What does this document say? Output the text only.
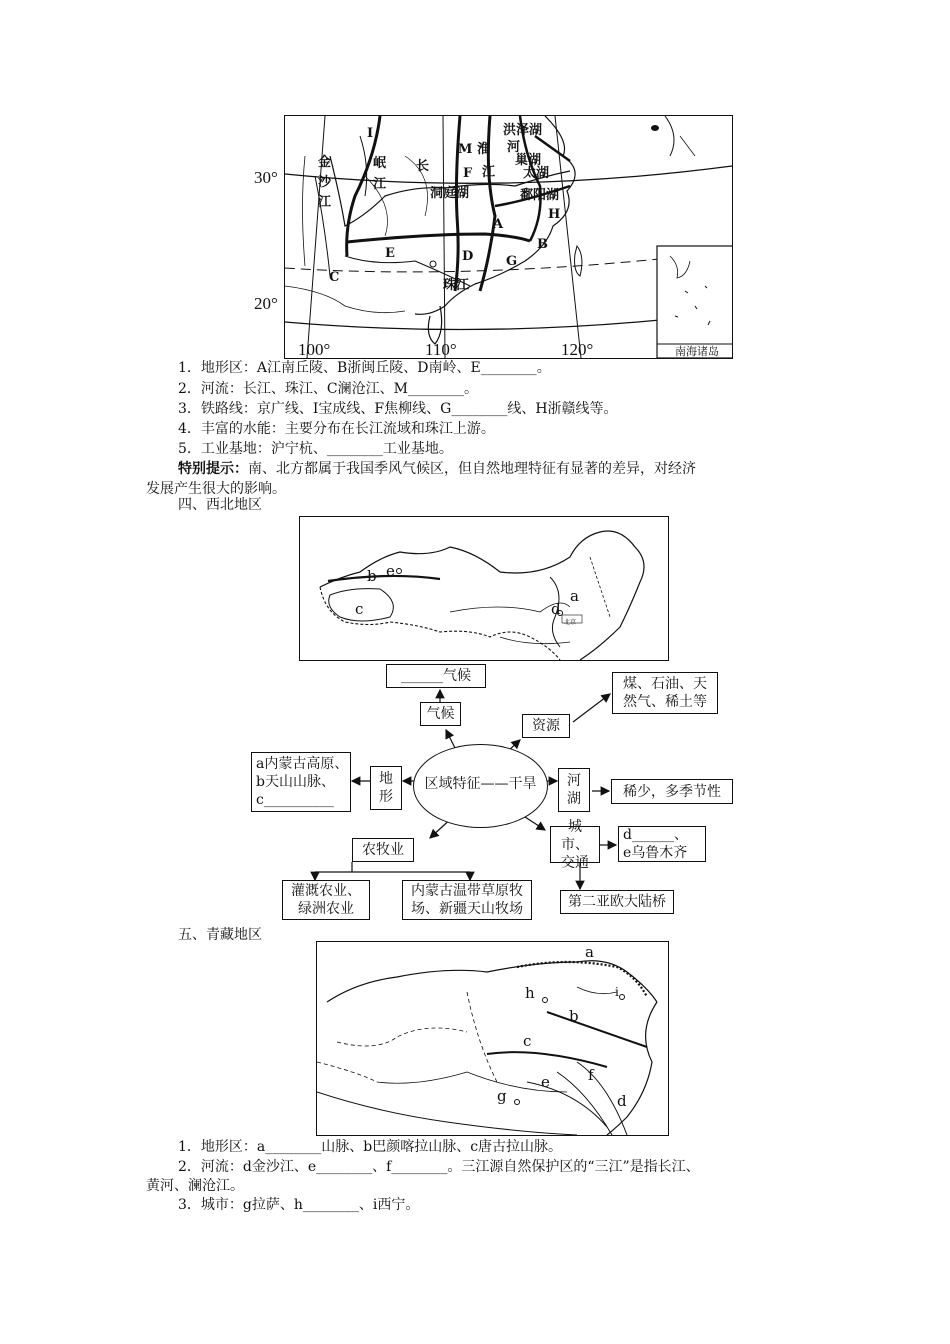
I
岷 长
M 淮 河
洪泽湖
巢湖
太湖
金
沙
江
江
F 江
洞庭湖	鄱阳湖
A
H
E	D
B
G
C
珠江
南海诸岛
30°
20°
100°	110°	120°
1．地形区：A江南丘陵、B浙闽丘陵、D南岭、E________。
2．河流：长江、珠江、C澜沧江、M________。
3．铁路线：京广线、I宝成线、F焦柳线、G________线、H浙赣线等。
4．丰富的水能：主要分布在长江流域和珠江上游。
5．工业基地：沪宁杭、________工业基地。
特别提示：南、北方都属于我国季风气候区，但自然地理特征有显著的差异，对经济
发展产生很大的影响。
四、西北地区
b e
c
a
d
北京
______气候
气候
资源
煤、石油、天然气、稀土等
a内蒙古高原、
b天山山脉、
c__________
地形
区域特征——干旱	河湖	稀少，多季节性
城市、交通
d______、
e乌鲁木齐
第二亚欧大陆桥
农牧业
灌溉农业、绿洲农业
内蒙古温带草原牧场、新疆天山牧场
五、青藏地区
a
h	i
b
c
e	f
g	d
1．地形区：a________山脉、b巴颜喀拉山脉、c唐古拉山脉。
2．河流：d金沙江、e________、f________。三江源自然保护区的“三江”是指长江、
黄河、澜沧江。
3．城市：g拉萨、h________、i西宁。
